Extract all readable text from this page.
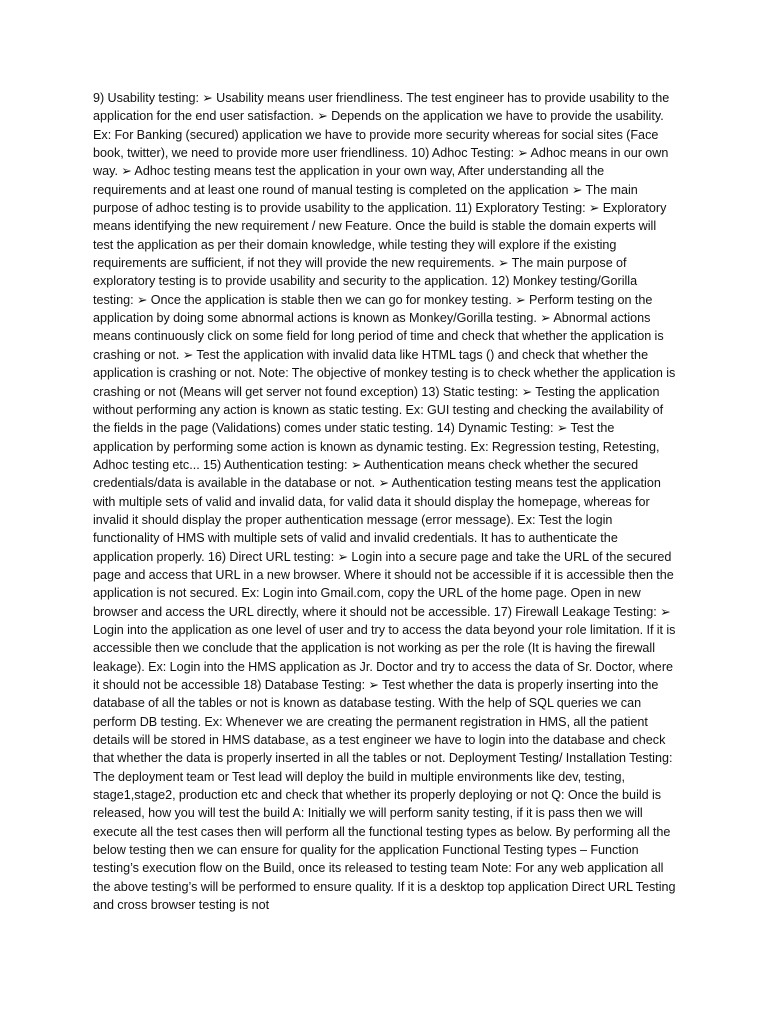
9) Usability testing: ➢ Usability means user friendliness. The test engineer has to provide usability to the application for the end user satisfaction. ➢ Depends on the application we have to provide the usability. Ex: For Banking (secured) application we have to provide more security whereas for social sites (Face book, twitter), we need to provide more user friendliness. 10) Adhoc Testing: ➢ Adhoc means in our own way. ➢ Adhoc testing means test the application in your own way, After understanding all the requirements and at least one round of manual testing is completed on the application ➢ The main purpose of adhoc testing is to provide usability to the application. 11) Exploratory Testing: ➢ Exploratory means identifying the new requirement / new Feature. Once the build is stable the domain experts will test the application as per their domain knowledge, while testing they will explore if the existing requirements are sufficient, if not they will provide the new requirements. ➢ The main purpose of exploratory testing is to provide usability and security to the application. 12) Monkey testing/Gorilla testing: ➢ Once the application is stable then we can go for monkey testing. ➢ Perform testing on the application by doing some abnormal actions is known as Monkey/Gorilla testing. ➢ Abnormal actions means continuously click on some field for long period of time and check that whether the application is crashing or not. ➢ Test the application with invalid data like HTML tags () and check that whether the application is crashing or not. Note: The objective of monkey testing is to check whether the application is crashing or not (Means will get server not found exception) 13) Static testing: ➢ Testing the application without performing any action is known as static testing. Ex: GUI testing and checking the availability of the fields in the page (Validations) comes under static testing. 14) Dynamic Testing: ➢ Test the application by performing some action is known as dynamic testing. Ex: Regression testing, Retesting, Adhoc testing etc... 15) Authentication testing: ➢ Authentication means check whether the secured credentials/data is available in the database or not. ➢ Authentication testing means test the application with multiple sets of valid and invalid data, for valid data it should display the homepage, whereas for invalid it should display the proper authentication message (error message). Ex: Test the login functionality of HMS with multiple sets of valid and invalid credentials. It has to authenticate the application properly. 16) Direct URL testing: ➢ Login into a secure page and take the URL of the secured page and access that URL in a new browser. Where it should not be accessible if it is accessible then the application is not secured. Ex: Login into Gmail.com, copy the URL of the home page. Open in new browser and access the URL directly, where it should not be accessible. 17) Firewall Leakage Testing: ➢ Login into the application as one level of user and try to access the data beyond your role limitation. If it is accessible then we conclude that the application is not working as per the role (It is having the firewall leakage). Ex: Login into the HMS application as Jr. Doctor and try to access the data of Sr. Doctor, where it should not be accessible 18) Database Testing: ➢ Test whether the data is properly inserting into the database of all the tables or not is known as database testing. With the help of SQL queries we can perform DB testing. Ex: Whenever we are creating the permanent registration in HMS, all the patient details will be stored in HMS database, as a test engineer we have to login into the database and check that whether the data is properly inserted in all the tables or not. Deployment Testing/ Installation Testing: The deployment team or Test lead will deploy the build in multiple environments like dev, testing, stage1,stage2, production etc and check that whether its properly deploying or not Q: Once the build is released, how you will test the build A: Initially we will perform sanity testing, if it is pass then we will execute all the test cases then will perform all the functional testing types as below. By performing all the below testing then we can ensure for quality for the application Functional Testing types – Function testing’s execution flow on the Build, once its released to testing team Note: For any web application all the above testing’s will be performed to ensure quality. If it is a desktop top application Direct URL Testing and cross browser testing is not
